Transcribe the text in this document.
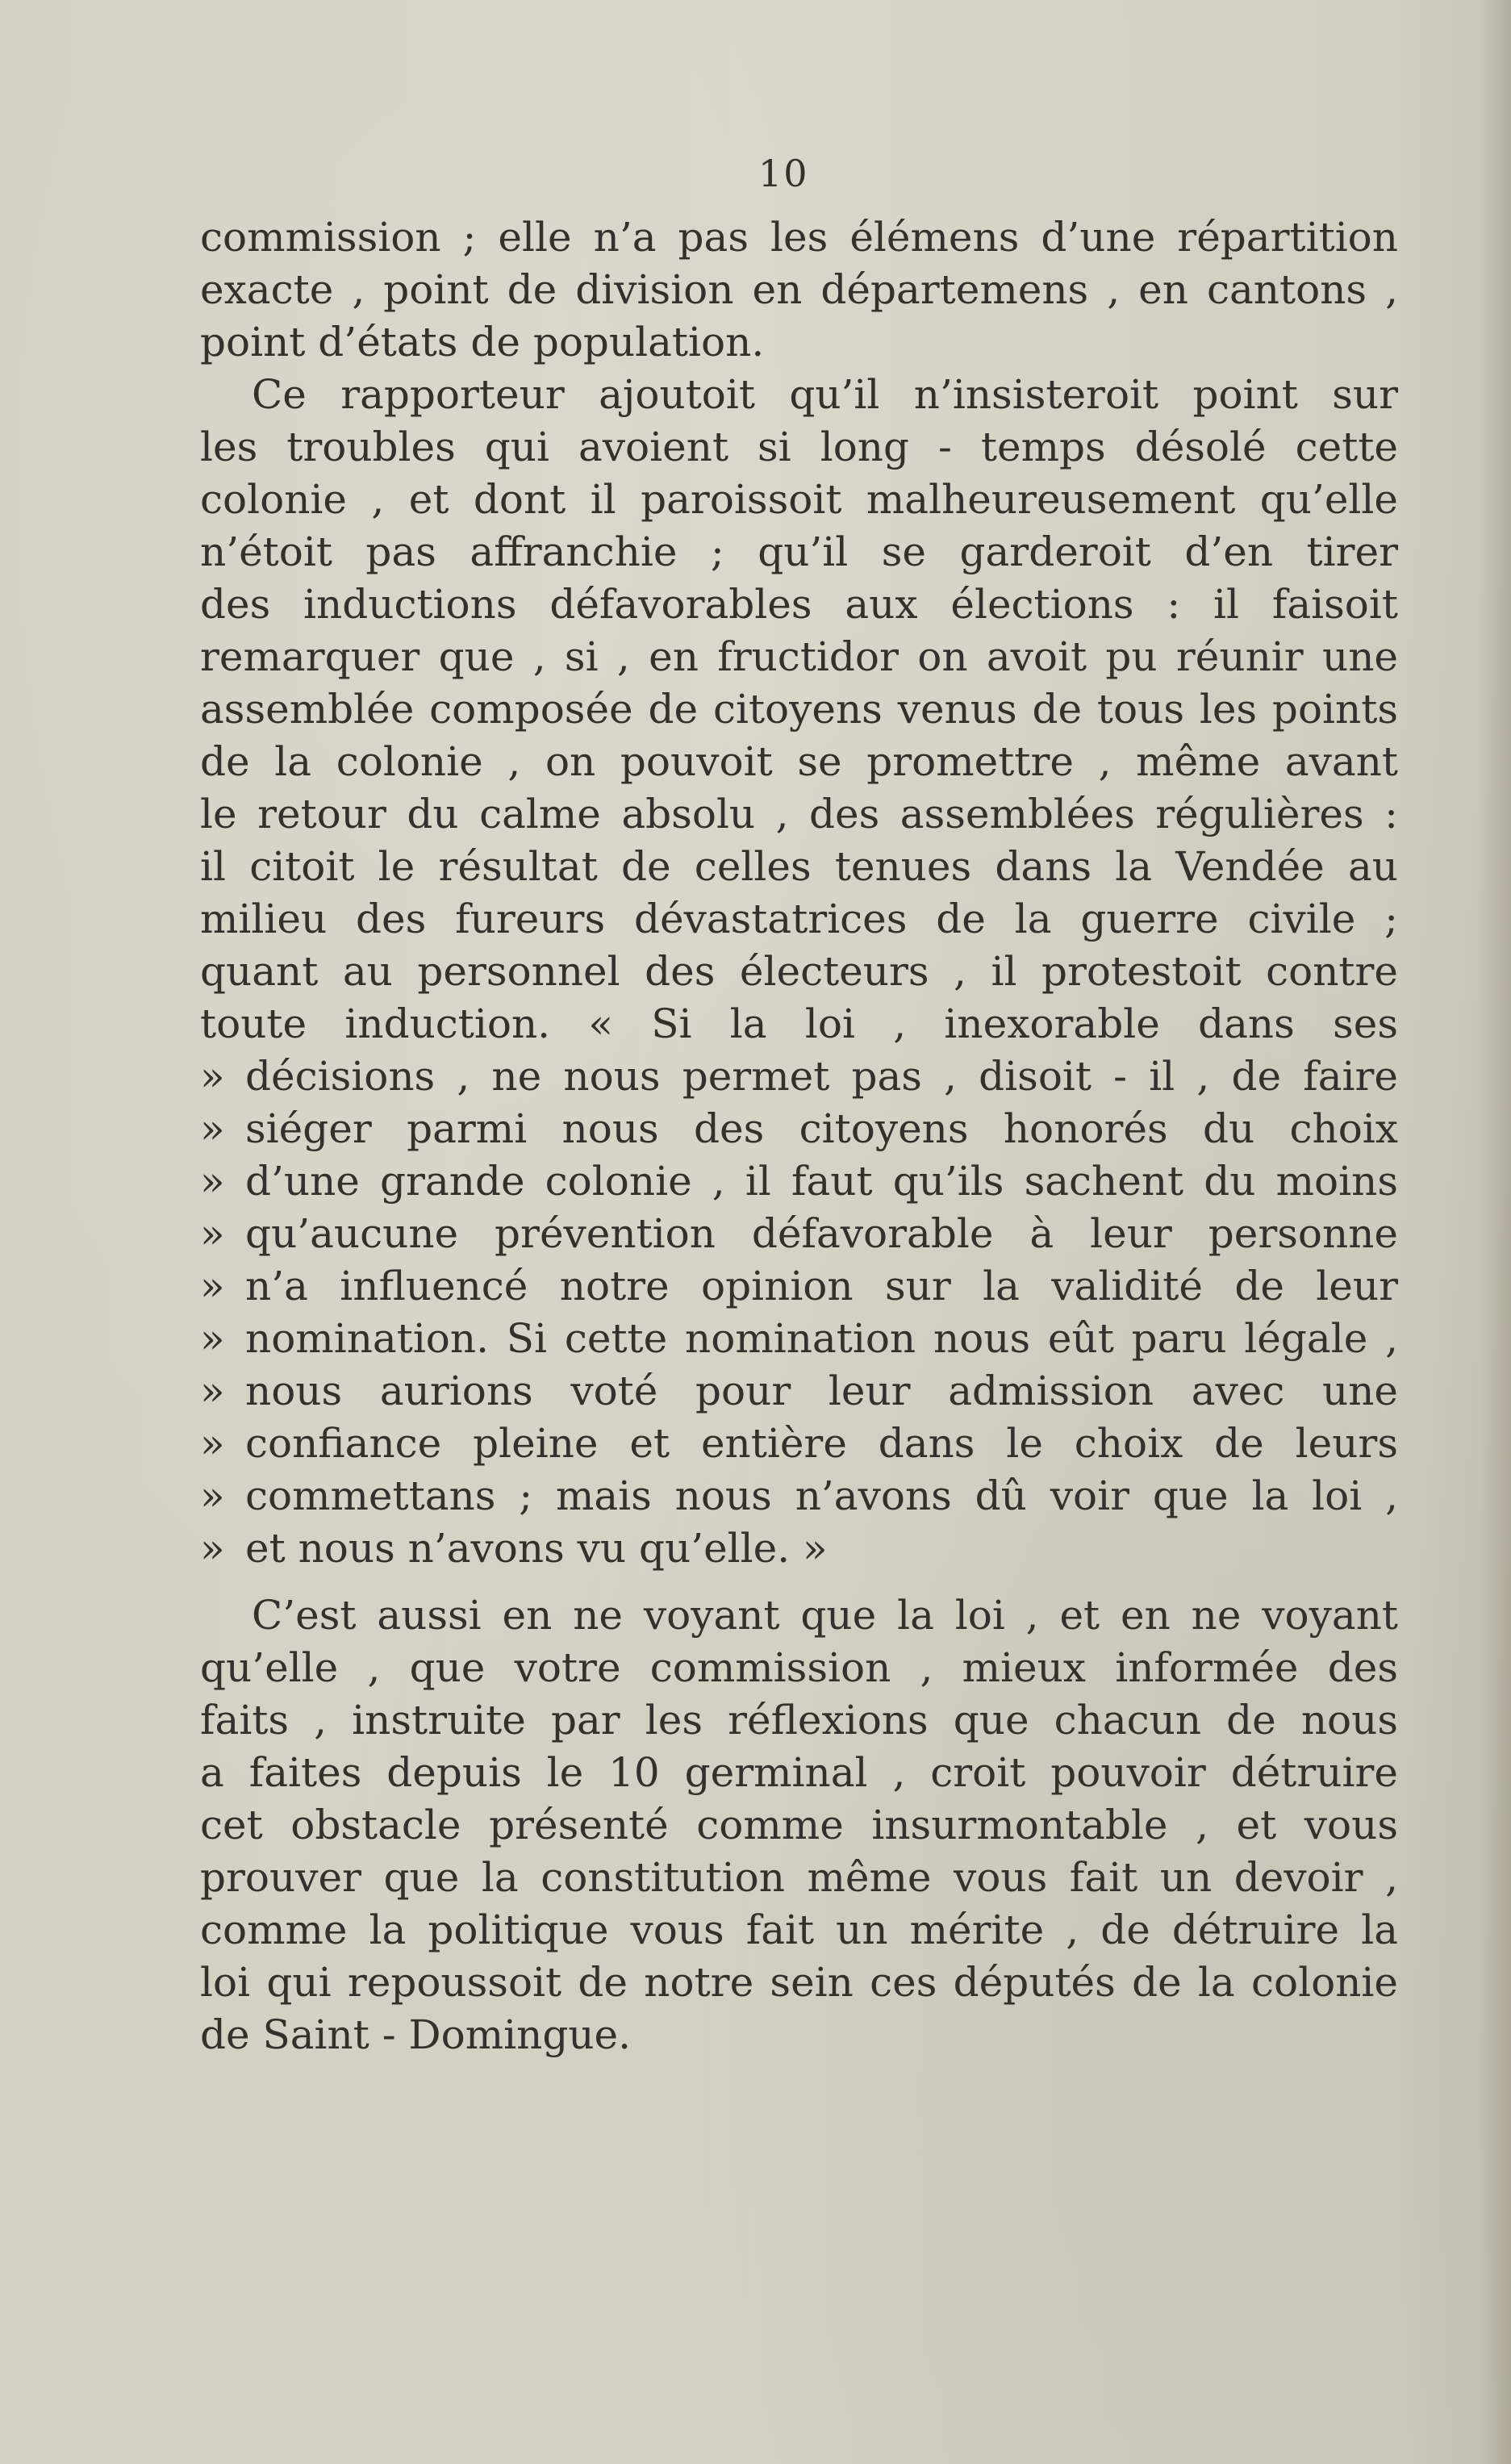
10
commission ; elle n’a pas les élémens d’une répartition
exacte , point de division en départemens , en cantons ,
point d’états de population.
Ce rapporteur ajoutoit qu’il n’insisteroit point sur
les troubles qui avoient si long - temps désolé cette
colonie , et dont il paroissoit malheureusement qu’elle
n’étoit pas affranchie ; qu’il se garderoit d’en tirer
des inductions défavorables aux élections : il faisoit
remarquer que , si , en fructidor on avoit pu réunir une
assemblée composée de citoyens venus de tous les points
de la colonie , on pouvoit se promettre , même avant
le retour du calme absolu , des assemblées régulières :
il citoit le résultat de celles tenues dans la Vendée au
milieu des fureurs dévastatrices de la guerre civile ;
quant au personnel des électeurs , il protestoit contre
toute induction. « Si la loi , inexorable dans ses
» décisions , ne nous permet pas , disoit - il , de faire
» siéger parmi nous des citoyens honorés du choix
» d’une grande colonie , il faut qu’ils sachent du moins
» qu’aucune prévention défavorable à leur personne
» n’a influencé notre opinion sur la validité de leur
» nomination. Si cette nomination nous eût paru légale ,
» nous aurions voté pour leur admission avec une
» confiance pleine et entière dans le choix de leurs
» commettans ; mais nous n’avons dû voir que la loi ,
» et nous n’avons vu qu’elle. »
C’est aussi en ne voyant que la loi , et en ne voyant
qu’elle , que votre commission , mieux informée des
faits , instruite par les réflexions que chacun de nous
a faites depuis le 10 germinal , croit pouvoir détruire
cet obstacle présenté comme insurmontable , et vous
prouver que la constitution même vous fait un devoir ,
comme la politique vous fait un mérite , de détruire la
loi qui repoussoit de notre sein ces députés de la colonie
de Saint - Domingue.
